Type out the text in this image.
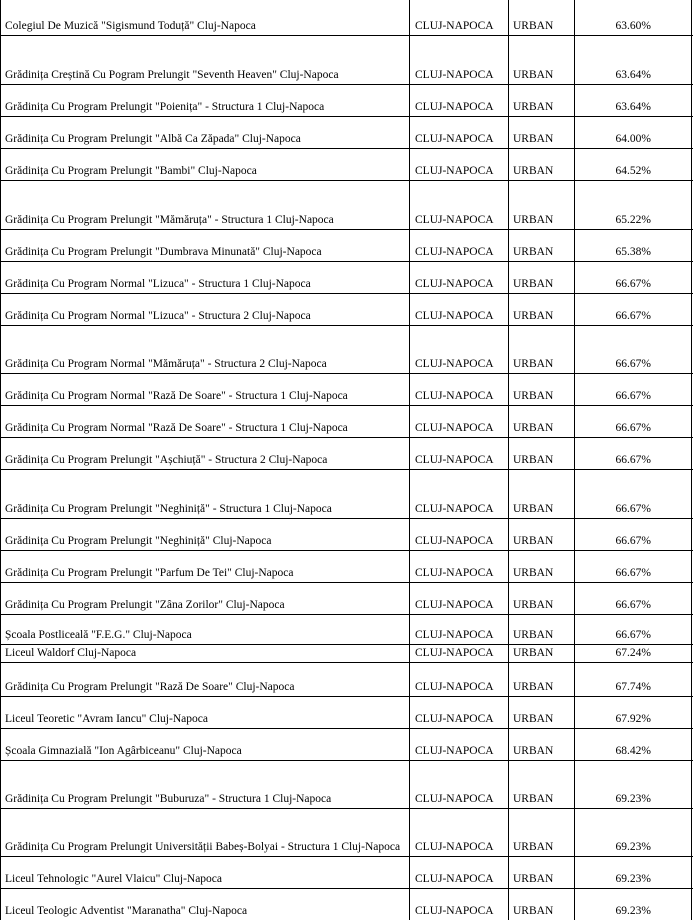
Colegiul De Muzică "Sigismund Toduță" Cluj-Napoca	CLUJ-NAPOCA URBAN	63.60%
Grădinița Creștină Cu Pogram Prelungit "Seventh Heaven" Cluj-Napoca	CLUJ-NAPOCA URBAN	63.64%
Grădinița Cu Program Prelungit "Poienița" - Structura 1 Cluj-Napoca	CLUJ-NAPOCA URBAN	63.64%
Grădinița Cu Program Prelungit "Albă Ca Zăpada" Cluj-Napoca	CLUJ-NAPOCA URBAN	64.00%
Grădinița Cu Program Prelungit "Bambi" Cluj-Napoca	CLUJ-NAPOCA URBAN	64.52%
Grădinița Cu Program Prelungit "Mămăruța" - Structura 1 Cluj-Napoca	CLUJ-NAPOCA URBAN	65.22%
Grădinița Cu Program Prelungit "Dumbrava Minunată" Cluj-Napoca	CLUJ-NAPOCA URBAN	65.38%
Grădinița Cu Program Normal "Lizuca" - Structura 1 Cluj-Napoca	CLUJ-NAPOCA URBAN	66.67%
Grădinița Cu Program Normal "Lizuca" - Structura 2 Cluj-Napoca	CLUJ-NAPOCA URBAN	66.67%
Grădinița Cu Program Normal "Mămăruța" - Structura 2 Cluj-Napoca	CLUJ-NAPOCA URBAN	66.67%
Grădinița Cu Program Normal "Rază De Soare" - Structura 1 Cluj-Napoca	CLUJ-NAPOCA URBAN	66.67%
Grădinița Cu Program Normal "Rază De Soare" - Structura 1 Cluj-Napoca	CLUJ-NAPOCA URBAN	66.67%
Grădinița Cu Program Prelungit "Așchiuță" - Structura 2 Cluj-Napoca	CLUJ-NAPOCA URBAN	66.67%
Grădinița Cu Program Prelungit "Neghiniță" - Structura 1 Cluj-Napoca	CLUJ-NAPOCA URBAN	66.67%
Grădinița Cu Program Prelungit "Neghiniță" Cluj-Napoca	CLUJ-NAPOCA URBAN	66.67%
Grădinița Cu Program Prelungit "Parfum De Tei" Cluj-Napoca	CLUJ-NAPOCA URBAN	66.67%
Grădinița Cu Program Prelungit "Zâna Zorilor" Cluj-Napoca	CLUJ-NAPOCA URBAN	66.67%
Școala Postliceală "F.E.G." Cluj-Napoca	CLUJ-NAPOCA URBAN	66.67%
Liceul Waldorf Cluj-Napoca	CLUJ-NAPOCA URBAN	67.24%
Grădinița Cu Program Prelungit "Rază De Soare" Cluj-Napoca	CLUJ-NAPOCA URBAN	67.74%
Liceul Teoretic "Avram Iancu" Cluj-Napoca	CLUJ-NAPOCA URBAN	67.92%
Școala Gimnazială "Ion Agârbiceanu" Cluj-Napoca	CLUJ-NAPOCA URBAN	68.42%
Grădinița Cu Program Prelungit "Buburuza" - Structura 1 Cluj-Napoca	CLUJ-NAPOCA URBAN	69.23%
Grădinița Cu Program Prelungit Universității Babeș-Bolyai - Structura 1 Cluj-Napoca CLUJ-NAPOCA URBAN	69.23%
Liceul Tehnologic "Aurel Vlaicu" Cluj-Napoca	CLUJ-NAPOCA URBAN	69.23%
Liceul Teologic Adventist "Maranatha" Cluj-Napoca	CLUJ-NAPOCA URBAN	69.23%
